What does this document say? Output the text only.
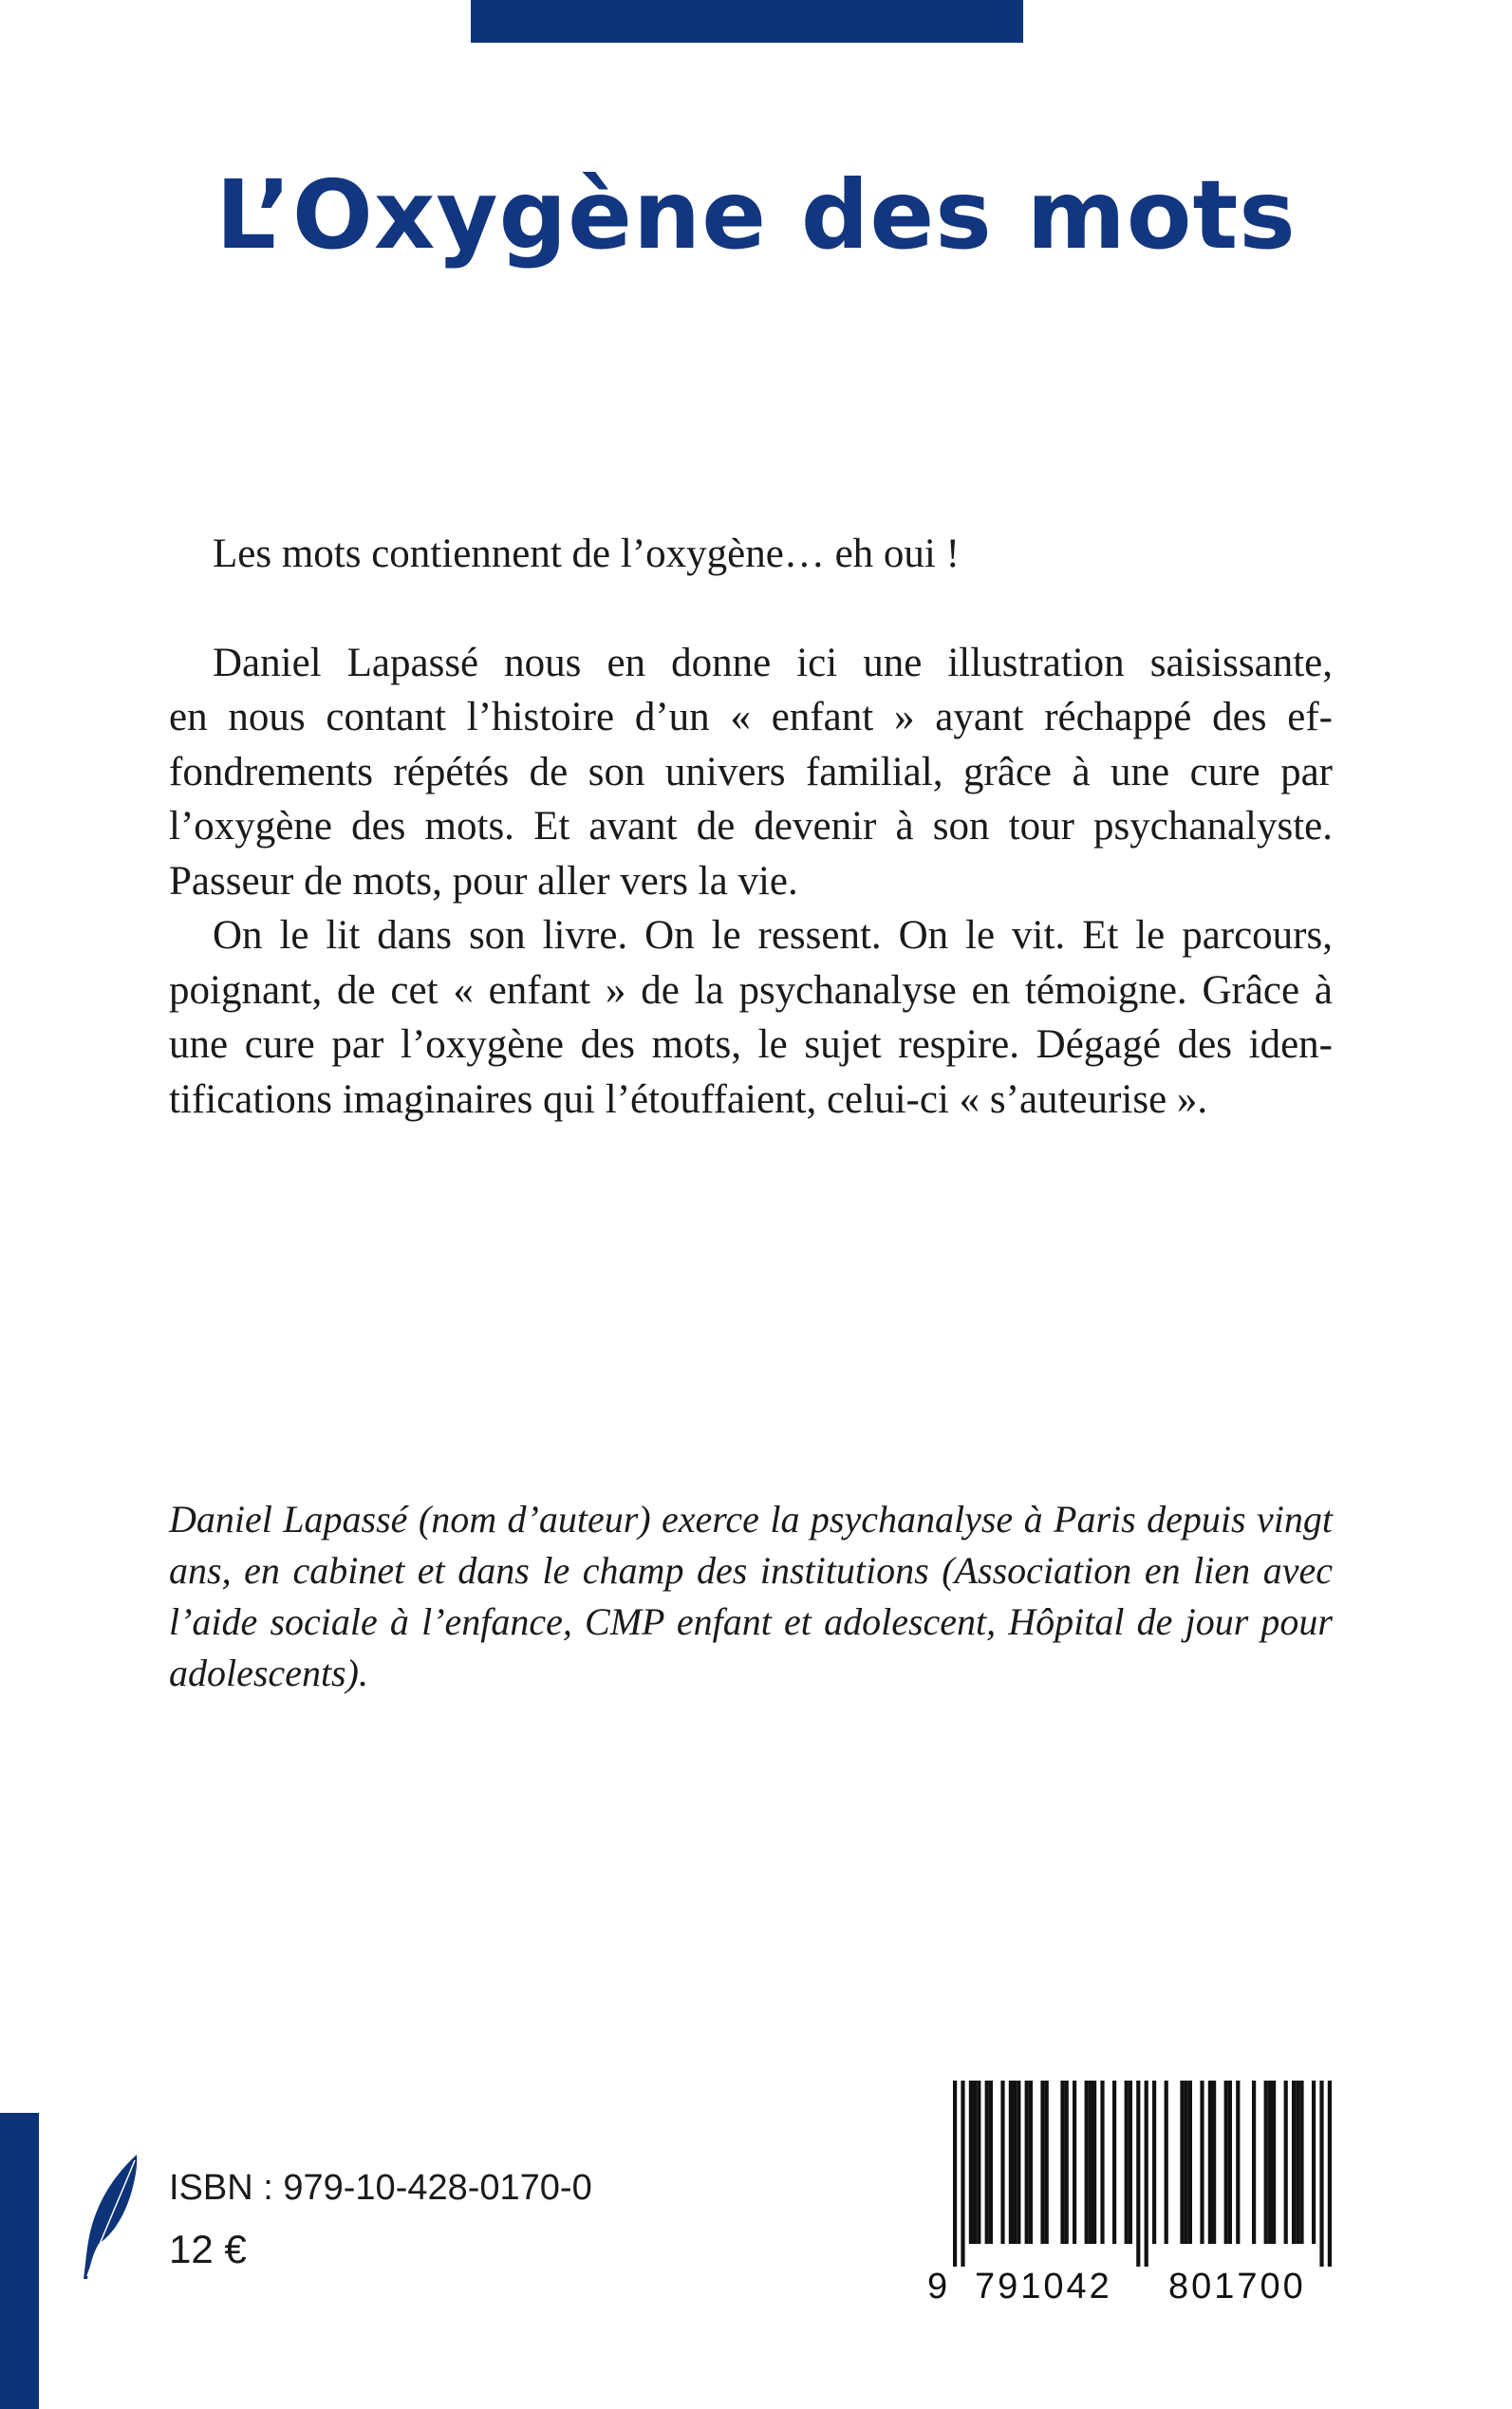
L’Oxygène des mots
Les mots contiennent de l’oxygène… eh oui !
Daniel Lapassé nous en donne ici une illustration saisissante,
en nous contant l’histoire d’un « enfant » ayant réchappé des ef-
fondrements répétés de son univers familial, grâce à une cure par
l’oxygène des mots. Et avant de devenir à son tour psychanalyste.
Passeur de mots, pour aller vers la vie.
On le lit dans son livre. On le ressent. On le vit. Et le parcours,
poignant, de cet « enfant » de la psychanalyse en témoigne. Grâce à
une cure par l’oxygène des mots, le sujet respire. Dégagé des iden-
tifications imaginaires qui l’étouffaient, celui-ci « s’auteurise ».
Daniel Lapassé (nom d’auteur) exerce la psychanalyse à Paris depuis vingt
ans, en cabinet et dans le champ des institutions (Association en lien avec
l’aide sociale à l’enfance, CMP enfant et adolescent, Hôpital de jour pour
adolescents).
ISBN : 979-10-428-0170-0
12 €
9 791042 801700
